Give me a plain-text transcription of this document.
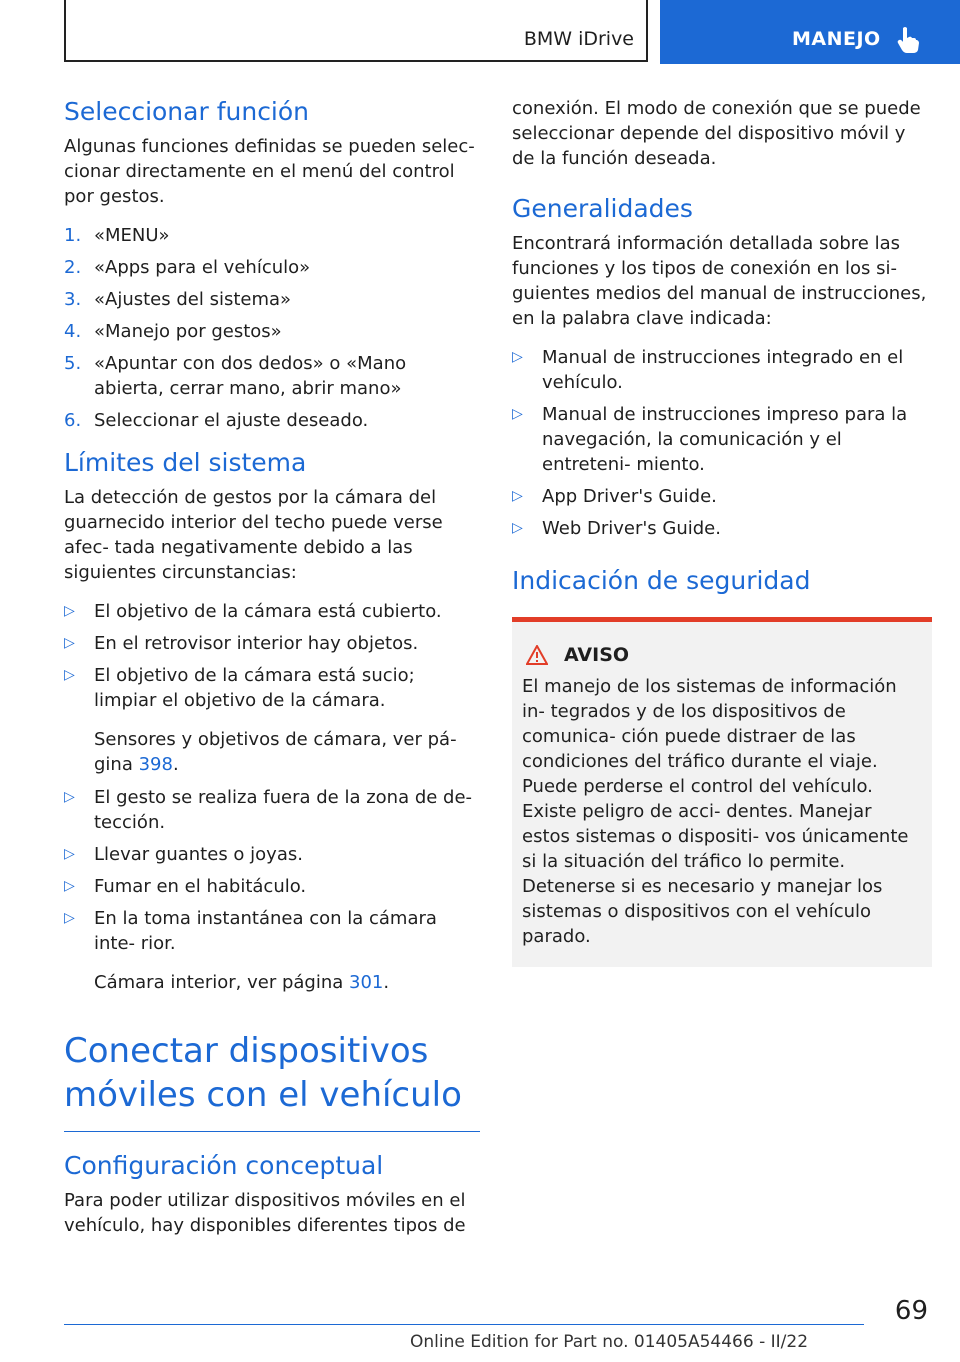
BMW iDrive	MANEJO
Seleccionar función

Algunas funciones definidas se pueden selec- cionar directamente en el menú del control por gestos.

1. «MENU»
2. «Apps para el vehículo»
3. «Ajustes del sistema»
4. «Manejo por gestos»
5. «Apuntar con dos dedos» o «Mano abierta, cerrar mano, abrir mano»
6. Seleccionar el ajuste deseado.
Límites del sistema

La detección de gestos por la cámara del guarnecido interior del techo puede verse afec- tada negativamente debido a las siguientes circunstancias:

▷ El objetivo de la cámara está cubierto.
▷ En el retrovisor interior hay objetos.
▷ El objetivo de la cámara está sucio; limpiar el objetivo de la cámara.

Sensores y objetivos de cámara, ver pá- gina 398.

▷ El gesto se realiza fuera de la zona de de- tección.
▷ Llevar guantes o joyas.
▷ Fumar en el habitáculo.
▷ En la toma instantánea con la cámara inte- rior.

Cámara interior, ver página 301.

Conectar dispositivos móviles con el vehículo
Configuración conceptual

Para poder utilizar dispositivos móviles en el vehículo, hay disponibles diferentes tipos de

conexión. El modo de conexión que se puede seleccionar depende del dispositivo móvil y de la función deseada.

Generalidades

Encontrará información detallada sobre las funciones y los tipos de conexión en los si- guientes medios del manual de instrucciones, en la palabra clave indicada:

▷ Manual de instrucciones integrado en el vehículo.
▷ Manual de instrucciones impreso para la navegación, la comunicación y el entreteni- miento.
▷ App Driver's Guide.
▷ Web Driver's Guide.
Indicación de seguridad
AVISO

El manejo de los sistemas de información in- tegrados y de los dispositivos de comunica- ción puede distraer de las condiciones del tráfico durante el viaje. Puede perderse el control del vehículo. Existe peligro de acci- dentes. Manejar estos sistemas o dispositi- vos únicamente si la situación del tráfico lo permite. Detenerse si es necesario y manejar los sistemas o dispositivos con el vehículo parado.

69
Online Edition for Part no. 01405A54466 - II/22
